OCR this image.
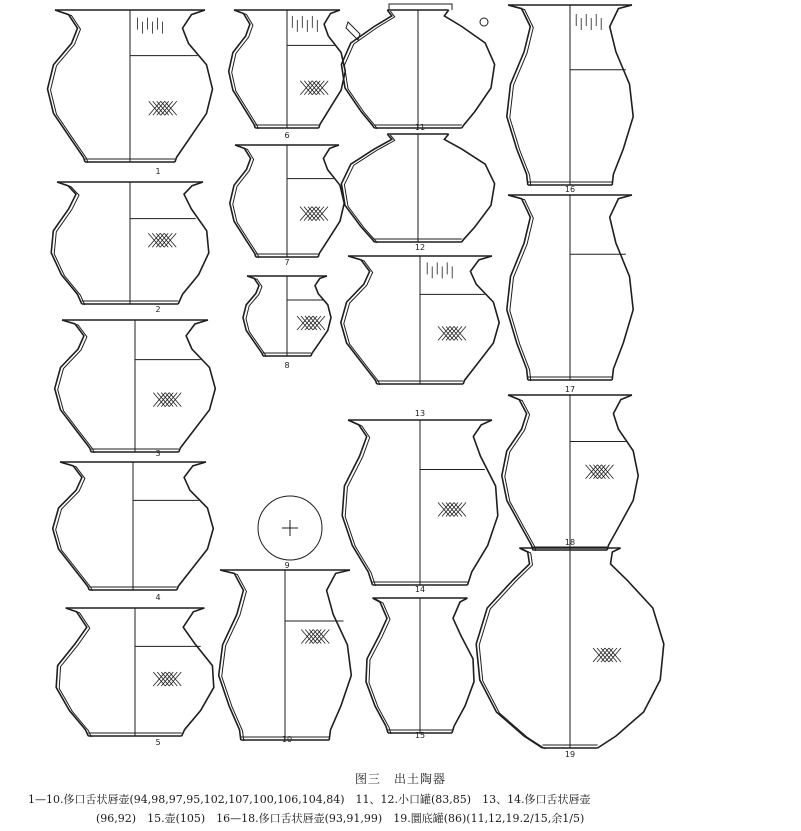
1
2
3
4
5
6
7
8
9
10
11
12
13
14
15
16
17
18
19
图三　出土陶器
1—10.侈口舌状唇壶(94,98,97,95,102,107,100,106,104,84)　11、12.小口罐(83,85)　13、14.侈口舌状唇壶
(96,92)　15.壶(105)　16—18.侈口舌状唇壶(93,91,99)　19.圜底罐(86)(11,12,19.2/15,余1/5)
